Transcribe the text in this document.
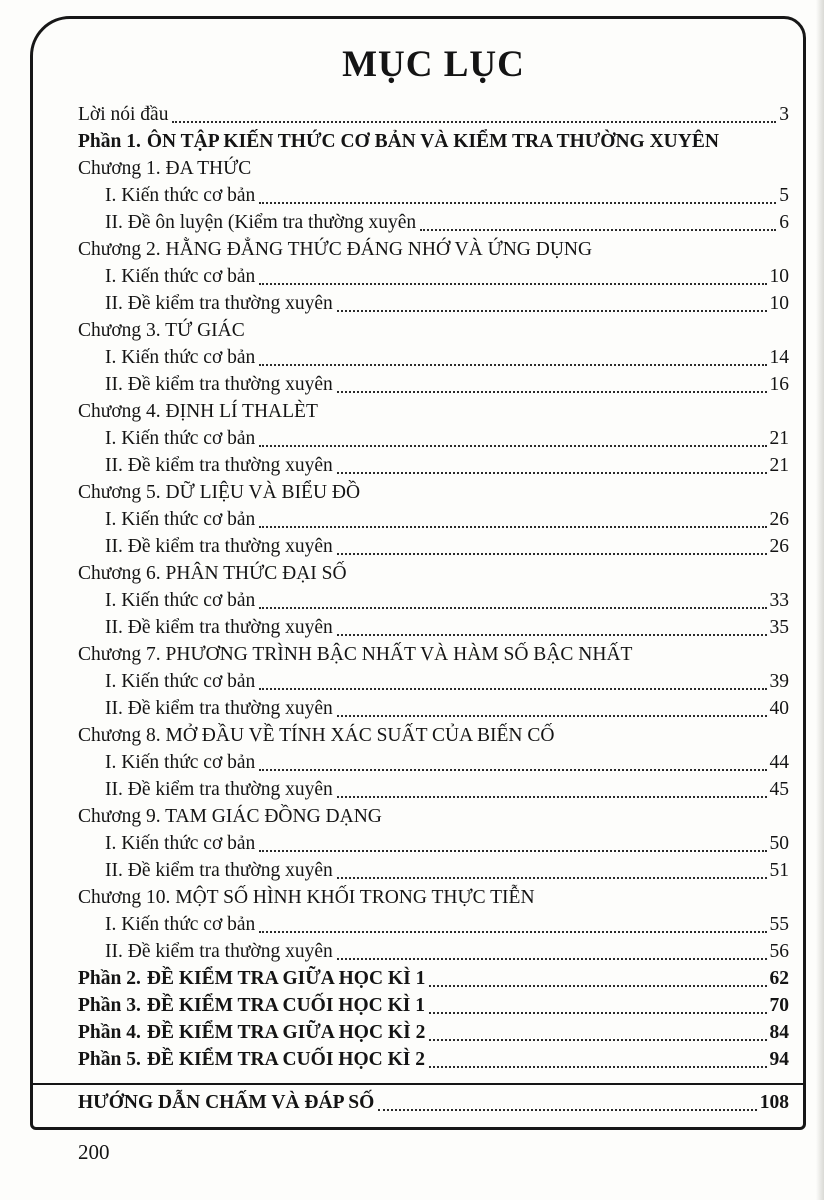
MỤC LỤC
Lời nói đầu	3
Phần 1. ÔN TẬP KIẾN THỨC CƠ BẢN VÀ KIỂM TRA THƯỜNG XUYÊN
Chương 1. ĐA THỨC
I. Kiến thức cơ bản	5
II. Đề ôn luyện (Kiểm tra thường xuyên	6
Chương 2. HẰNG ĐẲNG THỨC ĐÁNG NHỚ VÀ ỨNG DỤNG
I. Kiến thức cơ bản	10
II. Đề kiểm tra thường xuyên	10
Chương 3. TỨ GIÁC
I. Kiến thức cơ bản	14
II. Đề kiểm tra thường xuyên	16
Chương 4. ĐỊNH LÍ THALÈT
I. Kiến thức cơ bản	21
II. Đề kiểm tra thường xuyên	21
Chương 5. DỮ LIỆU VÀ BIỂU ĐỒ
I. Kiến thức cơ bản	26
II. Đề kiểm tra thường xuyên	26
Chương 6. PHÂN THỨC ĐẠI SỐ
I. Kiến thức cơ bản	33
II. Đề kiểm tra thường xuyên	35
Chương 7. PHƯƠNG TRÌNH BẬC NHẤT VÀ HÀM SỐ BẬC NHẤT
I. Kiến thức cơ bản	39
II. Đề kiểm tra thường xuyên	40
Chương 8. MỞ ĐẦU VỀ TÍNH XÁC SUẤT CỦA BIẾN CỐ
I. Kiến thức cơ bản	44
II. Đề kiểm tra thường xuyên	45
Chương 9. TAM GIÁC ĐỒNG DẠNG
I. Kiến thức cơ bản	50
II. Đề kiểm tra thường xuyên	51
Chương 10. MỘT SỐ HÌNH KHỐI TRONG THỰC TIỄN
I. Kiến thức cơ bản	55
II. Đề kiểm tra thường xuyên	56
Phần 2. ĐỀ KIỂM TRA GIỮA HỌC KÌ 1	62
Phần 3. ĐỀ KIỂM TRA CUỐI HỌC KÌ 1	70
Phần 4. ĐỀ KIỂM TRA GIỮA HỌC KÌ 2	84
Phần 5. ĐỀ KIỂM TRA CUỐI HỌC KÌ 2	94
HƯỚNG DẪN CHẤM VÀ ĐÁP SỐ	108
200
